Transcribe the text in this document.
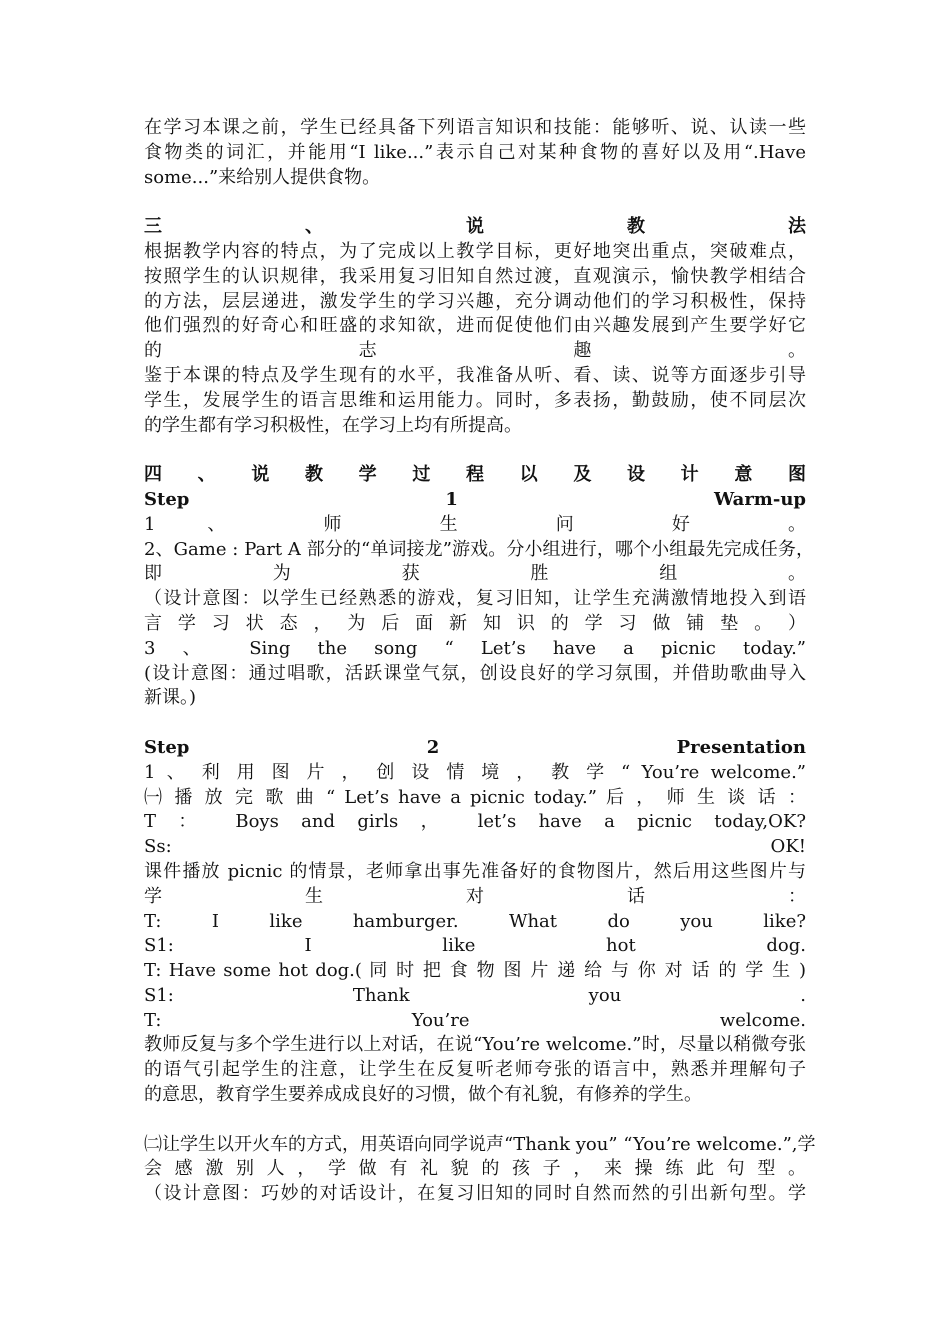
在学习本课之前，学生已经具备下列语言知识和技能：能够听、说、认读一些
食物类的词汇，并能用“I like...”表示自己对某种食物的喜好以及用“.Have
some...”来给别人提供食物。
三 、 说 教 法
根据教学内容的特点，为了完成以上教学目标，更好地突出重点，突破难点，
按照学生的认识规律，我采用复习旧知自然过渡，直观演示，愉快教学相结合
的方法，层层递进，激发学生的学习兴趣，充分调动他们的学习积极性，保持
他们强烈的好奇心和旺盛的求知欲，进而促使他们由兴趣发展到产生要学好它
的 志 趣 。
鉴于本课的特点及学生现有的水平，我准备从听、看、读、说等方面逐步引导
学生，发展学生的语言思维和运用能力。同时，多表扬，勤鼓励，使不同层次
的学生都有学习积极性，在学习上均有所提高。
四 、 说 教 学 过 程 以 及 设 计 意 图
Step 1 Warm-up
1 、 师 生 问 好 。
2、Game : Part A 部分的“单词接龙”游戏。分小组进行，哪个小组最先完成任务，
即 为 获 胜 组 。
（设计意图：以学生已经熟悉的游戏，复习旧知，让学生充满激情地投入到语
言 学 习 状 态 ， 为 后 面 新 知 识 的 学 习 做 铺 垫 。 ）
3 、 Sing the song “ Let’s have a picnic today.”
(设计意图：通过唱歌，活跃课堂气氛，创设良好的学习氛围，并借助歌曲导入
新课。)
Step 2 Presentation
1 、 利 用 图 片 ， 创 设 情 境 ， 教 学 “ You’re welcome.”
㈠ 播 放 完 歌 曲 “ Let’s have a picnic today.” 后 ， 师 生 谈 话 ：
T ： Boys and girls ， let’s have a picnic today,OK?
Ss: OK!
课件播放 picnic 的情景，老师拿出事先准备好的食物图片，然后用这些图片与
学 生 对 话 ：
T: I like hamburger. What do you like?
S1: I like hot dog.
T: Have some hot dog.( 同 时 把 食 物 图 片 递 给 与 你 对 话 的 学 生 )
S1: Thank you .
T: You’re welcome.
教师反复与多个学生进行以上对话，在说“You’re welcome.”时，尽量以稍微夸张
的语气引起学生的注意，让学生在反复听老师夸张的语言中，熟悉并理解句子
的意思，教育学生要养成成良好的习惯，做个有礼貌，有修养的学生。
㈡让学生以开火车的方式，用英语向同学说声“Thank you” “You’re welcome.”,学
会 感 激 别 人 ， 学 做 有 礼 貌 的 孩 子 ， 来 操 练 此 句 型 。
（设计意图：巧妙的对话设计，在复习旧知的同时自然而然的引出新句型。学
